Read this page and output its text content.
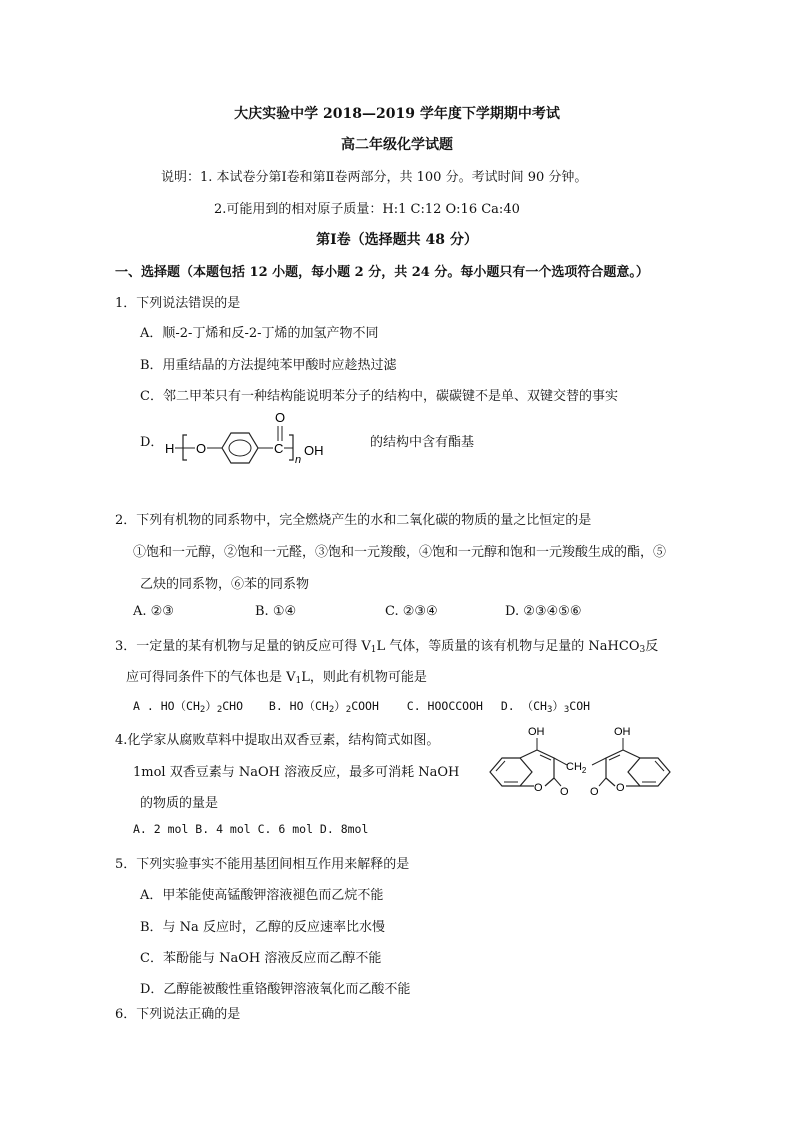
大庆实验中学 2018—2019 学年度下学期期中考试
高二年级化学试题
说明：1. 本试卷分第Ⅰ卷和第Ⅱ卷两部分，共 100 分。考试时间 90 分钟。
2.可能用到的相对原子质量：H:1 C:12 O:16 Ca:40
第Ⅰ卷（选择题共 48 分）
一、选择题（本题包括 12 小题，每小题 2 分，共 24 分。每小题只有一个选项符合题意。）
1．下列说法错误的是
A．顺-2-丁烯和反-2-丁烯的加氢产物不同
B．用重结晶的方法提纯苯甲酸时应趁热过滤
C．邻二甲苯只有一种结构能说明苯分子的结构中，碳碳键不是单、双键交替的事实
D． H O	C
O
n
OH
的结构中含有酯基
2．下列有机物的同系物中，完全燃烧产生的水和二氧化碳的物质的量之比恒定的是
①饱和一元醇，②饱和一元醛，③饱和一元羧酸，④饱和一元醇和饱和一元羧酸生成的酯，⑤
乙炔的同系物，⑥苯的同系物
A. ②③	B. ①④	C. ②③④	D. ②③④⑤⑥
3．一定量的某有机物与足量的钠反应可得 $V_1L$ 气体，等质量的该有机物与足量的 NaHCO$_3$反
应可得同条件下的气体也是 $V_1L$，则此有机物可能是
A . $HO(CH_2)_2CHO$ B. $HO(CH_2)_2COOH$ C. HOOCCOOH D. $(CH_3)_3COH$
4.化学家从腐败草料中提取出双香豆素，结构简式如图。
1mol 双香豆素与 NaOH 溶液反应，最多可消耗 NaOH
的物质的量是
A. 2 mol B. 4 mol C. 6 mol D. 8mol
O O
OH
$CH_2$
O
O
OH
5．下列实验事实不能用基团间相互作用来解释的是
A．甲苯能使高锰酸钾溶液褪色而乙烷不能
B．与 Na 反应时，乙醇的反应速率比水慢
C．苯酚能与 NaOH 溶液反应而乙醇不能
D．乙醇能被酸性重铬酸钾溶液氧化而乙酸不能
6．下列说法正确的是
